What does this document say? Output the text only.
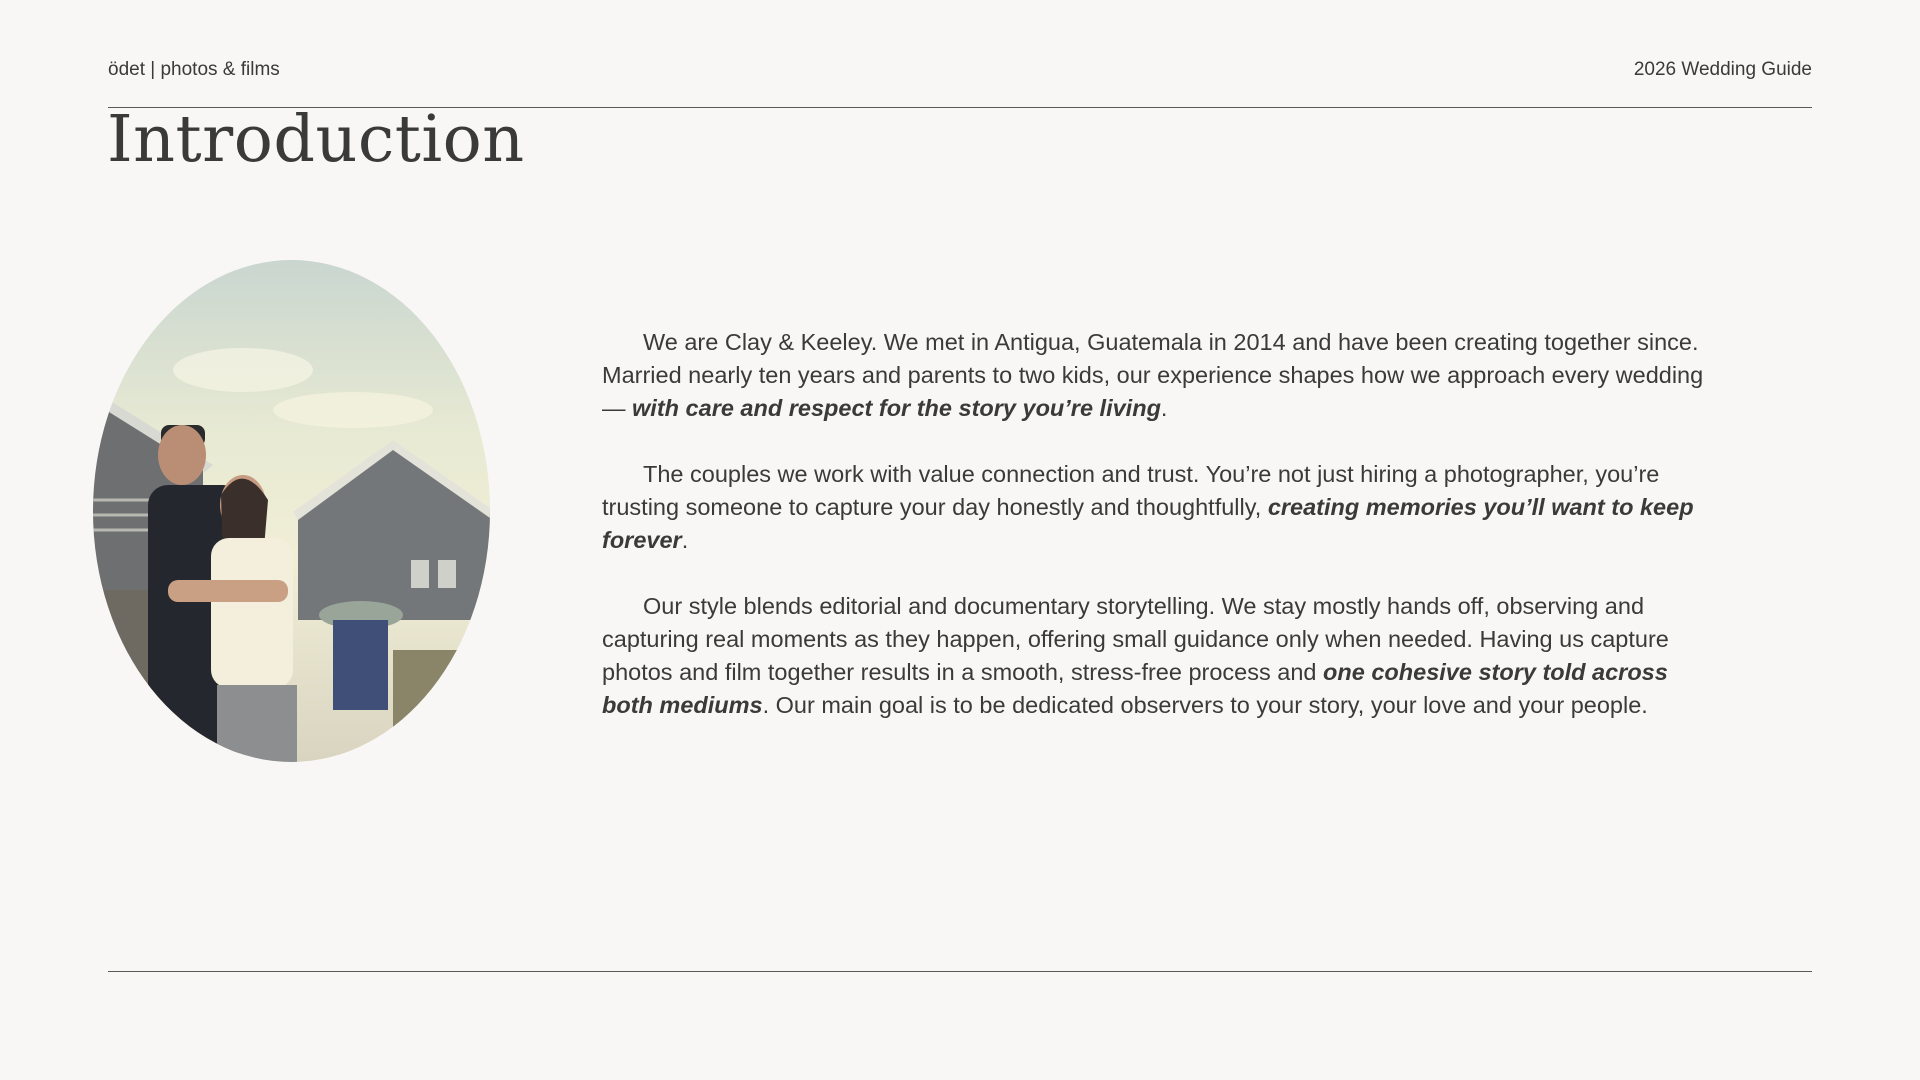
ödet | photos & films	2026 Wedding Guide
Introduction

We are Clay & Keeley. We met in Antigua, Guatemala in 2014 and have been creating together since. Married nearly ten years and parents to two kids, our experience shapes how we approach every wedding — with care and respect for the story you’re living.

The couples we work with value connection and trust. You’re not just hiring a photographer, you’re trusting someone to capture your day honestly and thoughtfully, creating memories you’ll want to keep forever.

Our style blends editorial and documentary storytelling. We stay mostly hands off, observing and capturing real moments as they happen, offering small guidance only when needed. Having us capture photos and film together results in a smooth, stress-free process and one cohesive story told across both mediums. Our main goal is to be dedicated observers to your story, your love and your people.
